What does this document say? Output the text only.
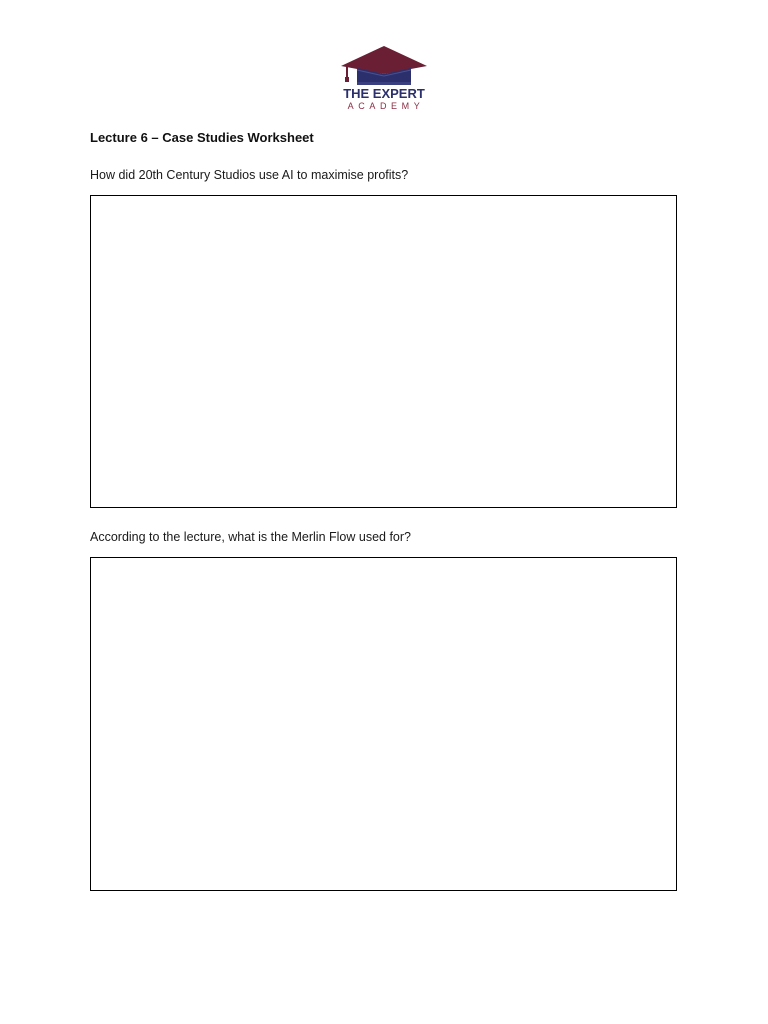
THE EXPERT
ACADEMY
Lecture 6 – Case Studies Worksheet
How did 20th Century Studios use AI to maximise profits?
According to the lecture, what is the Merlin Flow used for?
